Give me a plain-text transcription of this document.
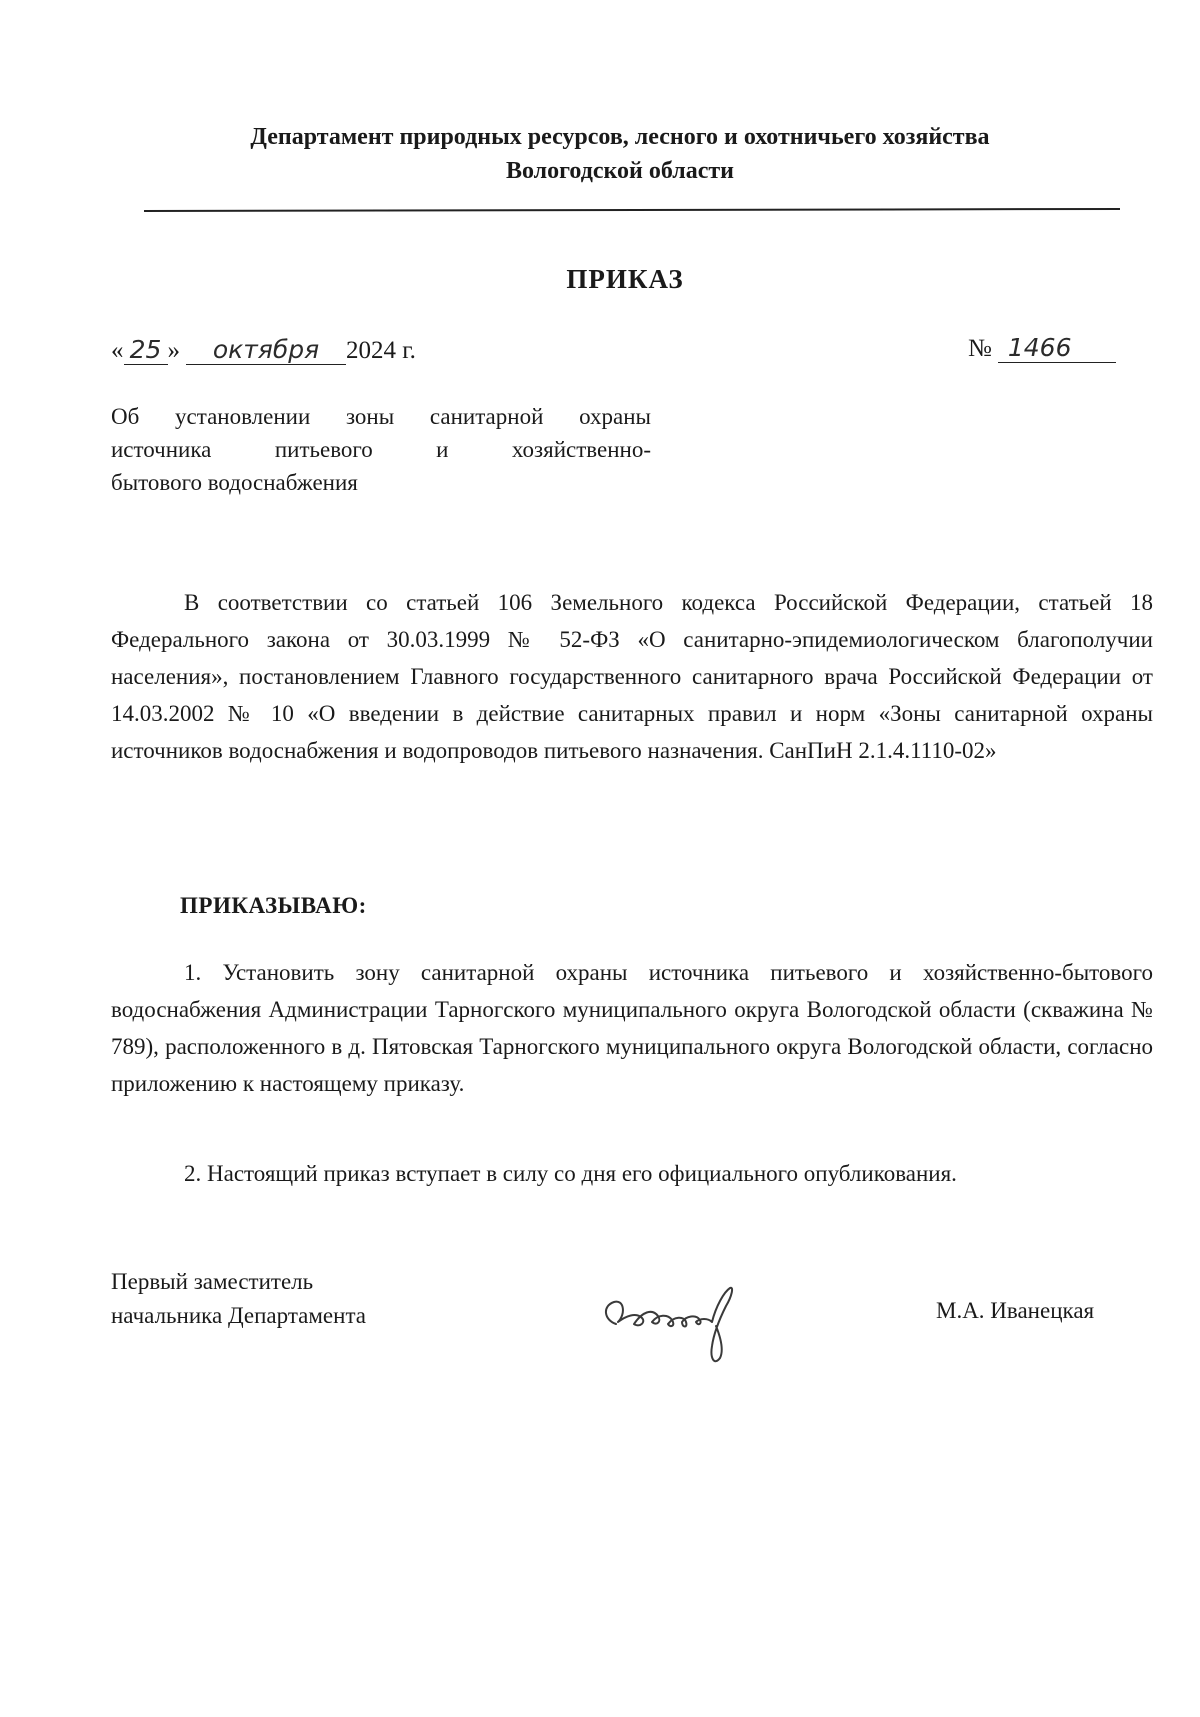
Департамент природных ресурсов, лесного и охотничьего хозяйства
Вологодской области
ПРИКАЗ
« 25 » октября 2024 г.	№ 1466
Об установлении зоны санитарной охраны
источника питьевого и хозяйственно-
бытового водоснабжения
В соответствии со статьей 106 Земельного кодекса Российской Федерации, статьей 18 Федерального закона от 30.03.1999 № 52-ФЗ «О санитарно-эпидемиологическом благополучии населения», постановлением Главного государственного санитарного врача Российской Федерации от 14.03.2002 № 10 «О введении в действие санитарных правил и норм «Зоны санитарной охраны источников водоснабжения и водопроводов питьевого назначения. СанПиН 2.1.4.1110-02»
ПРИКАЗЫВАЮ:
1. Установить зону санитарной охраны источника питьевого и хозяйственно-бытового водоснабжения Администрации Тарногского муниципального округа Вологодской области (скважина № 789), расположенного в д. Пятовская Тарногского муниципального округа Вологодской области, согласно приложению к настоящему приказу.
2. Настоящий приказ вступает в силу со дня его официального опубликования.
Первый заместитель
начальника Департамента	М.А. Иванецкая
